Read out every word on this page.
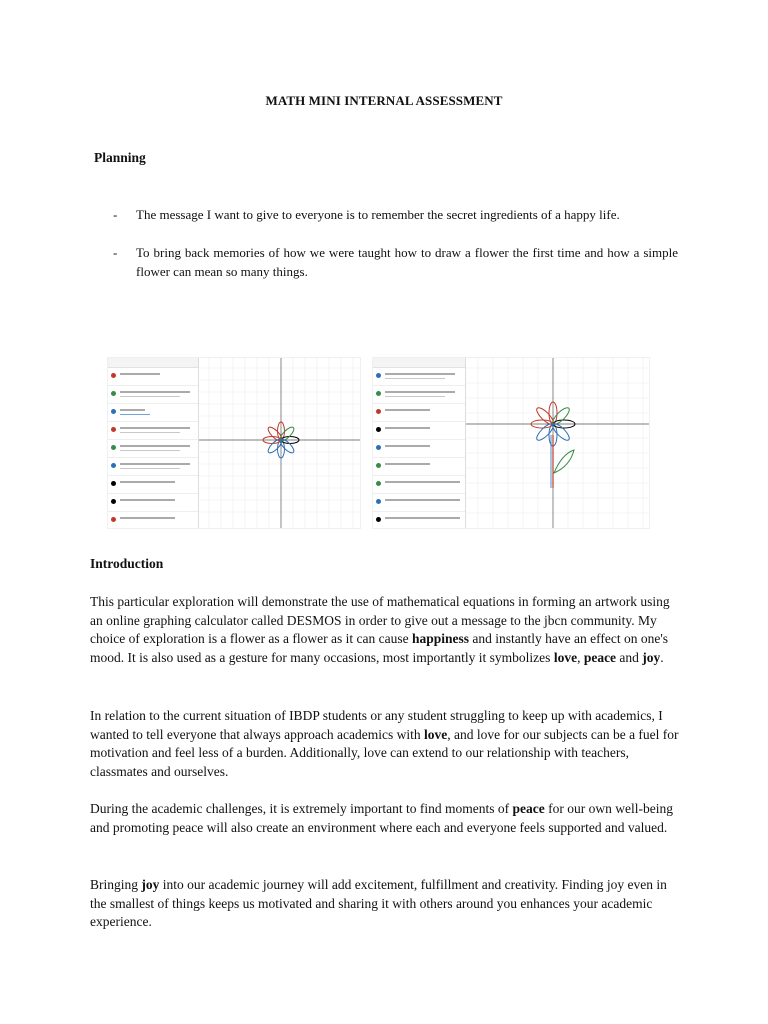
MATH MINI INTERNAL ASSESSMENT
Planning
- The message I want to give to everyone is to remember the secret ingredients of a happy life.
- To bring back memories of how we were taught how to draw a flower the first time and how a simple flower can mean so many things.
Introduction
This particular exploration will demonstrate the use of mathematical equations in forming an artwork using an online graphing calculator called DESMOS in order to give out a message to the jbcn community. My choice of exploration is a flower as a flower as it can cause happiness and instantly have an effect on one's mood. It is also used as a gesture for many occasions, most importantly it symbolizes love, peace and joy.
In relation to the current situation of IBDP students or any student struggling to keep up with academics, I wanted to tell everyone that always approach academics with love, and love for our subjects can be a fuel for motivation and feel less of a burden. Additionally, love can extend to our relationship with teachers, classmates and ourselves.
During the academic challenges, it is extremely important to find moments of peace for our own well-being and promoting peace will also create an environment where each and everyone feels supported and valued.
Bringing joy into our academic journey will add excitement, fulfillment and creativity. Finding joy even in the smallest of things keeps us motivated and sharing it with others around you enhances your academic experience.
